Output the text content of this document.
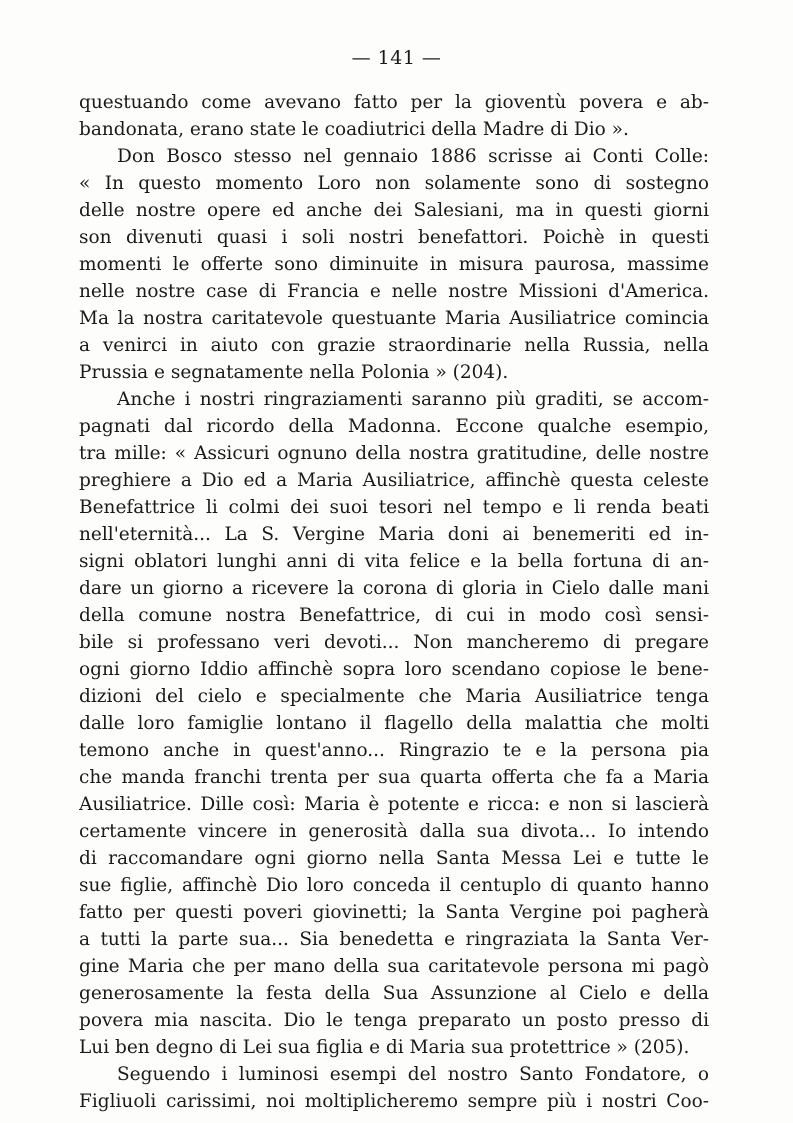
— 141 —
questuando come avevano fatto per la gioventù povera e ab-
bandonata, erano state le coadiutrici della Madre di Dio ».
Don Bosco stesso nel gennaio 1886 scrisse ai Conti Colle:
« In questo momento Loro non solamente sono di sostegno
delle nostre opere ed anche dei Salesiani, ma in questi giorni
son divenuti quasi i soli nostri benefattori. Poichè in questi
momenti le offerte sono diminuite in misura paurosa, massime
nelle nostre case di Francia e nelle nostre Missioni d'America.
Ma la nostra caritatevole questuante Maria Ausiliatrice comincia
a venirci in aiuto con grazie straordinarie nella Russia, nella
Prussia e segnatamente nella Polonia » (204).
Anche i nostri ringraziamenti saranno più graditi, se accom-
pagnati dal ricordo della Madonna. Eccone qualche esempio,
tra mille: « Assicuri ognuno della nostra gratitudine, delle nostre
preghiere a Dio ed a Maria Ausiliatrice, affinchè questa celeste
Benefattrice li colmi dei suoi tesori nel tempo e li renda beati
nell'eternità... La S. Vergine Maria doni ai benemeriti ed in-
signi oblatori lunghi anni di vita felice e la bella fortuna di an-
dare un giorno a ricevere la corona di gloria in Cielo dalle mani
della comune nostra Benefattrice, di cui in modo così sensi-
bile si professano veri devoti... Non mancheremo di pregare
ogni giorno Iddio affinchè sopra loro scendano copiose le bene-
dizioni del cielo e specialmente che Maria Ausiliatrice tenga
dalle loro famiglie lontano il flagello della malattia che molti
temono anche in quest'anno... Ringrazio te e la persona pia
che manda franchi trenta per sua quarta offerta che fa a Maria
Ausiliatrice. Dille così: Maria è potente e ricca: e non si lascierà
certamente vincere in generosità dalla sua divota... Io intendo
di raccomandare ogni giorno nella Santa Messa Lei e tutte le
sue figlie, affinchè Dio loro conceda il centuplo di quanto hanno
fatto per questi poveri giovinetti; la Santa Vergine poi pagherà
a tutti la parte sua... Sia benedetta e ringraziata la Santa Ver-
gine Maria che per mano della sua caritatevole persona mi pagò
generosamente la festa della Sua Assunzione al Cielo e della
povera mia nascita. Dio le tenga preparato un posto presso di
Lui ben degno di Lei sua figlia e di Maria sua protettrice » (205).
Seguendo i luminosi esempi del nostro Santo Fondatore, o
Figliuoli carissimi, noi moltiplicheremo sempre più i nostri Coo-
